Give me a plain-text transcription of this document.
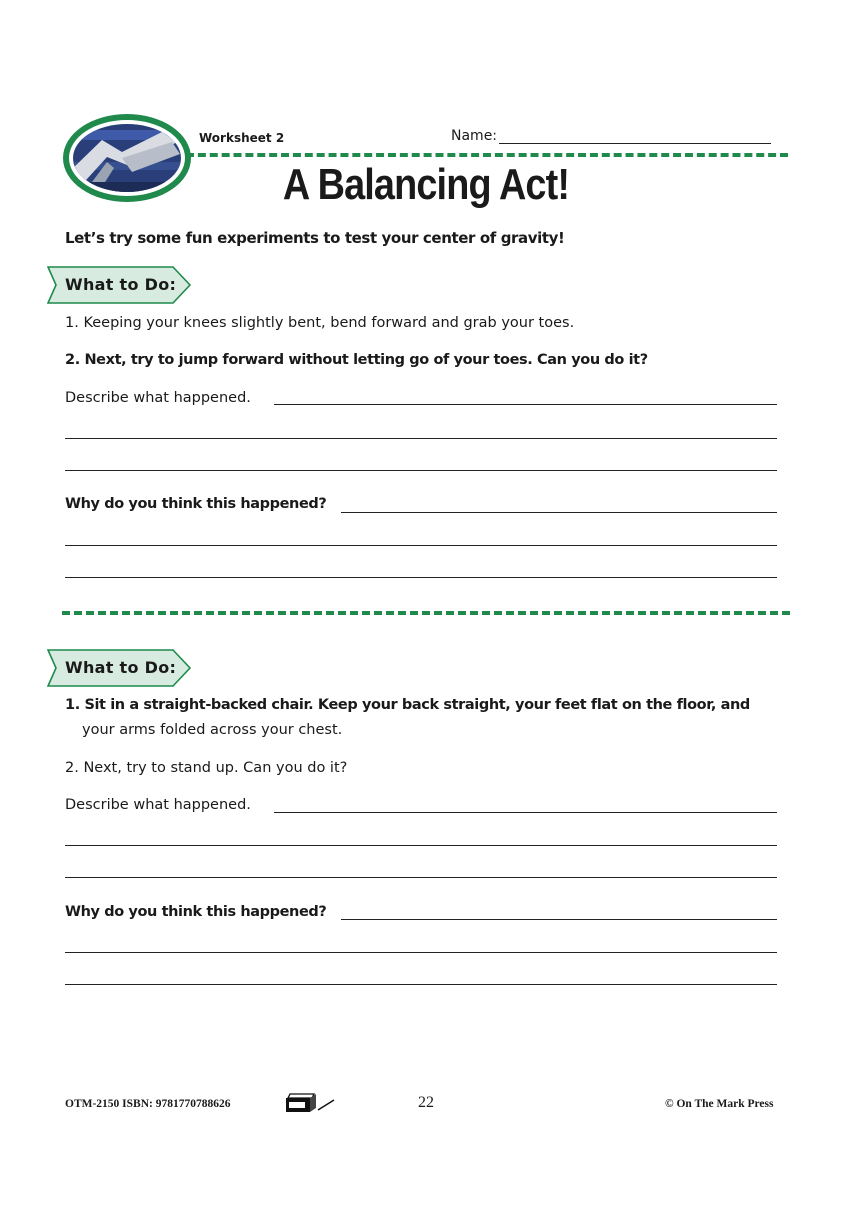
Worksheet 2	Name:
A Balancing Act!
Let’s try some fun experiments to test your center of gravity!
What to Do:
1. Keeping your knees slightly bent, bend forward and grab your toes.
2. Next, try to jump forward without letting go of your toes. Can you do it?
Describe what happened.
Why do you think this happened?
What to Do:
1. Sit in a straight-backed chair. Keep your back straight, your feet flat on the floor, and
your arms folded across your chest.
2. Next, try to stand up. Can you do it?
Describe what happened.
Why do you think this happened?
OTM-2150 ISBN: 9781770788626	22	© On The Mark Press
